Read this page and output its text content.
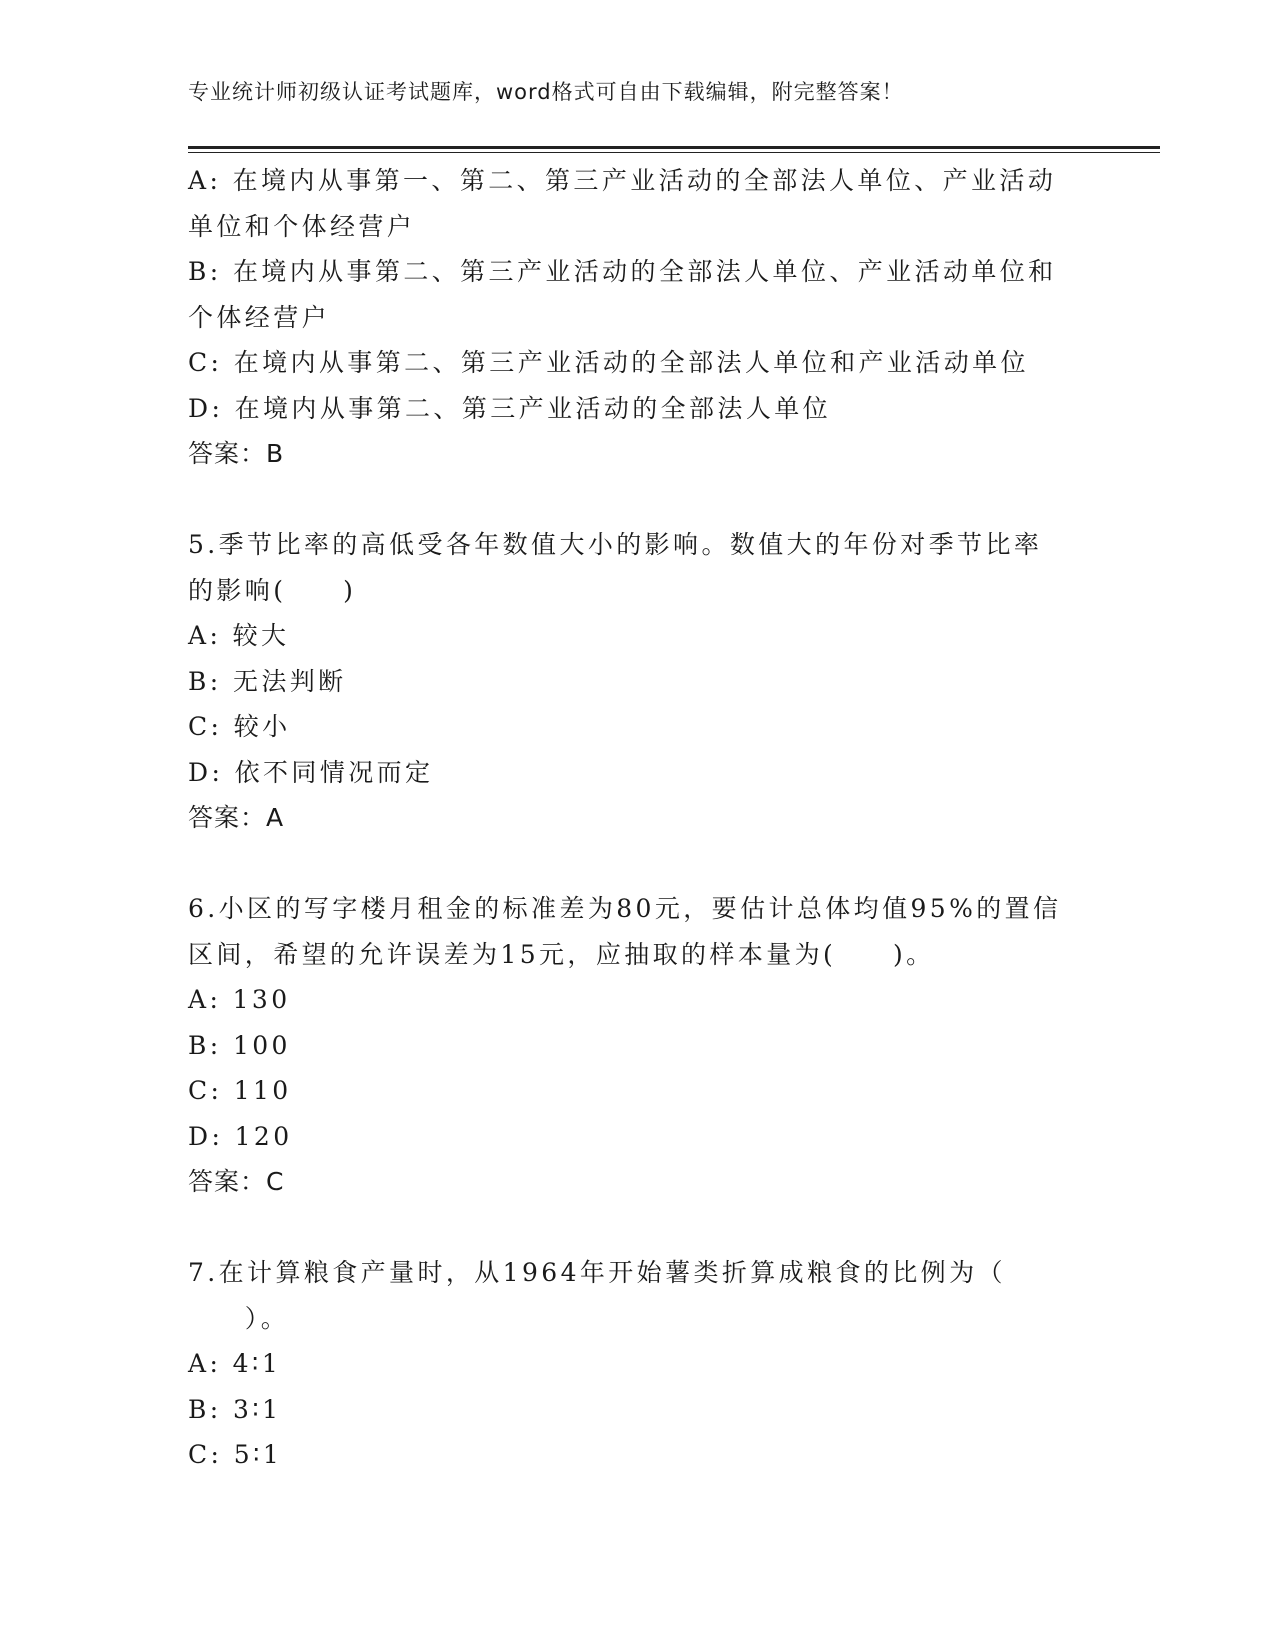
专业统计师初级认证考试题库，word格式可自由下载编辑，附完整答案！
A: 在境内从事第一、第二、第三产业活动的全部法人单位、产业活动
单位和个体经营户
B: 在境内从事第二、第三产业活动的全部法人单位、产业活动单位和
个体经营户
C: 在境内从事第二、第三产业活动的全部法人单位和产业活动单位
D: 在境内从事第二、第三产业活动的全部法人单位
答案：B
5.季节比率的高低受各年数值大小的影响。数值大的年份对季节比率
的影响(　　)
A: 较大
B: 无法判断
C: 较小
D: 依不同情况而定
答案：A
6.小区的写字楼月租金的标准差为80元，要估计总体均值95%的置信
区间，希望的允许误差为15元，应抽取的样本量为(　　)。
A: 130
B: 100
C: 110
D: 120
答案：C
7.在计算粮食产量时，从1964年开始薯类折算成粮食的比例为（
　　）。
A: 4∶1
B: 3∶1
C: 5∶1
